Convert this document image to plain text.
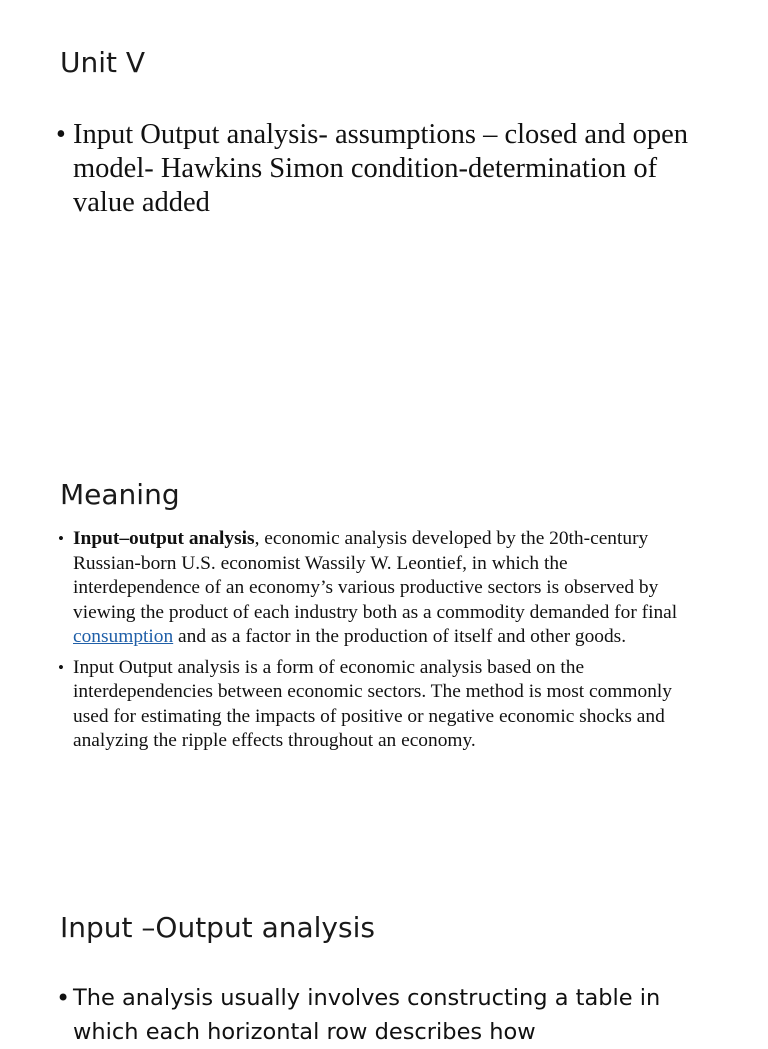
Unit V
• Input Output analysis- assumptions – closed and open model- Hawkins Simon condition-determination of value added
Meaning
• Input–output analysis, economic analysis developed by the 20th-century Russian-born U.S. economist Wassily W. Leontief, in which the interdependence of an economy’s various productive sectors is observed by viewing the product of each industry both as a commodity demanded for final consumption and as a factor in the production of itself and other goods.
• Input Output analysis is a form of economic analysis based on the interdependencies between economic sectors. The method is most commonly used for estimating the impacts of positive or negative economic shocks and analyzing the ripple effects throughout an economy.
Input –Output analysis
• The analysis usually involves constructing a table in which each horizontal row describes how
